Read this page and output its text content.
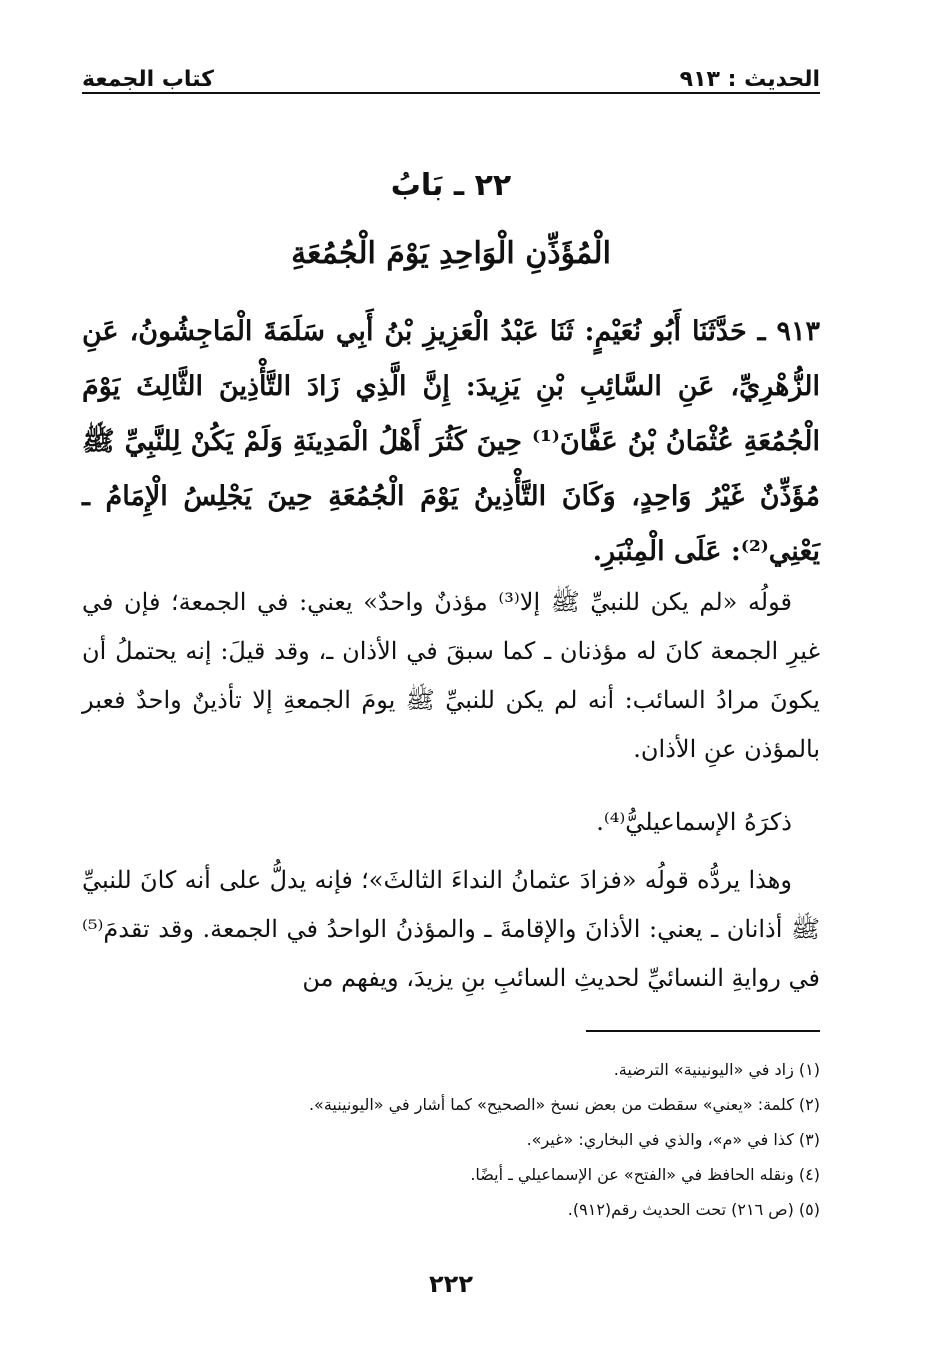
الحديث : ٩١٣
كتاب الجمعة
٢٢ ـ بَابُ
الْمُؤَذِّنِ الْوَاحِدِ يَوْمَ الْجُمُعَةِ
٩١٣ ـ حَدَّثَنَا أَبُو نُعَيْمٍ: ثَنَا عَبْدُ الْعَزِيزِ بْنُ أَبِي سَلَمَةَ الْمَاجِشُونُ، عَنِ الزُّهْرِيِّ، عَنِ السَّائِبِ بْنِ يَزِيدَ: إِنَّ الَّذِي زَادَ التَّأْذِينَ الثَّالِثَ يَوْمَ الْجُمُعَةِ عُثْمَانُ بْنُ عَفَّانَ⁽¹⁾ حِينَ كَثُرَ أَهْلُ الْمَدِينَةِ وَلَمْ يَكُنْ لِلنَّبِيِّ ﷺ مُؤَذِّنٌ غَيْرُ وَاحِدٍ، وَكَانَ التَّأْذِينُ يَوْمَ الْجُمُعَةِ حِينَ يَجْلِسُ الْإِمَامُ ـ يَعْنِي⁽²⁾: عَلَى الْمِنْبَرِ.

قولُه «لم يكن للنبيِّ ﷺ إلا⁽³⁾ مؤذنٌ واحدٌ» يعني: في الجمعة؛ فإن في غيرِ الجمعة كانَ له مؤذنان ـ كما سبقَ في الأذان ـ، وقد قيلَ: إنه يحتملُ أن يكونَ مرادُ السائب: أنه لم يكن للنبيِّ ﷺ يومَ الجمعةِ إلا تأذينٌ واحدٌ فعبر بالمؤذن عنِ الأذان.

ذكرَهُ الإسماعيليُّ⁽⁴⁾.

وهذا يردُّه قولُه «فزادَ عثمانُ النداءَ الثالثَ»؛ فإنه يدلُّ على أنه كانَ للنبيِّ ﷺ أذانان ـ يعني: الأذانَ والإقامةَ ـ والمؤذنُ الواحدُ في الجمعة. وقد تقدمَ⁽⁵⁾ في روايةِ النسائيِّ لحديثِ السائبِ بنِ يزيدَ، ويفهم من

(١) زاد في «اليونينية» الترضية.
(٢) كلمة: «يعني» سقطت من بعض نسخ «الصحيح» كما أشار في «اليونينية».
(٣) كذا في «م»، والذي في البخاري: «غير».
(٤) ونقله الحافظ في «الفتح» عن الإسماعيلي ـ أيضًا.
(٥) (ص ٢١٦) تحت الحديث رقم(٩١٢).
٢٢٢
